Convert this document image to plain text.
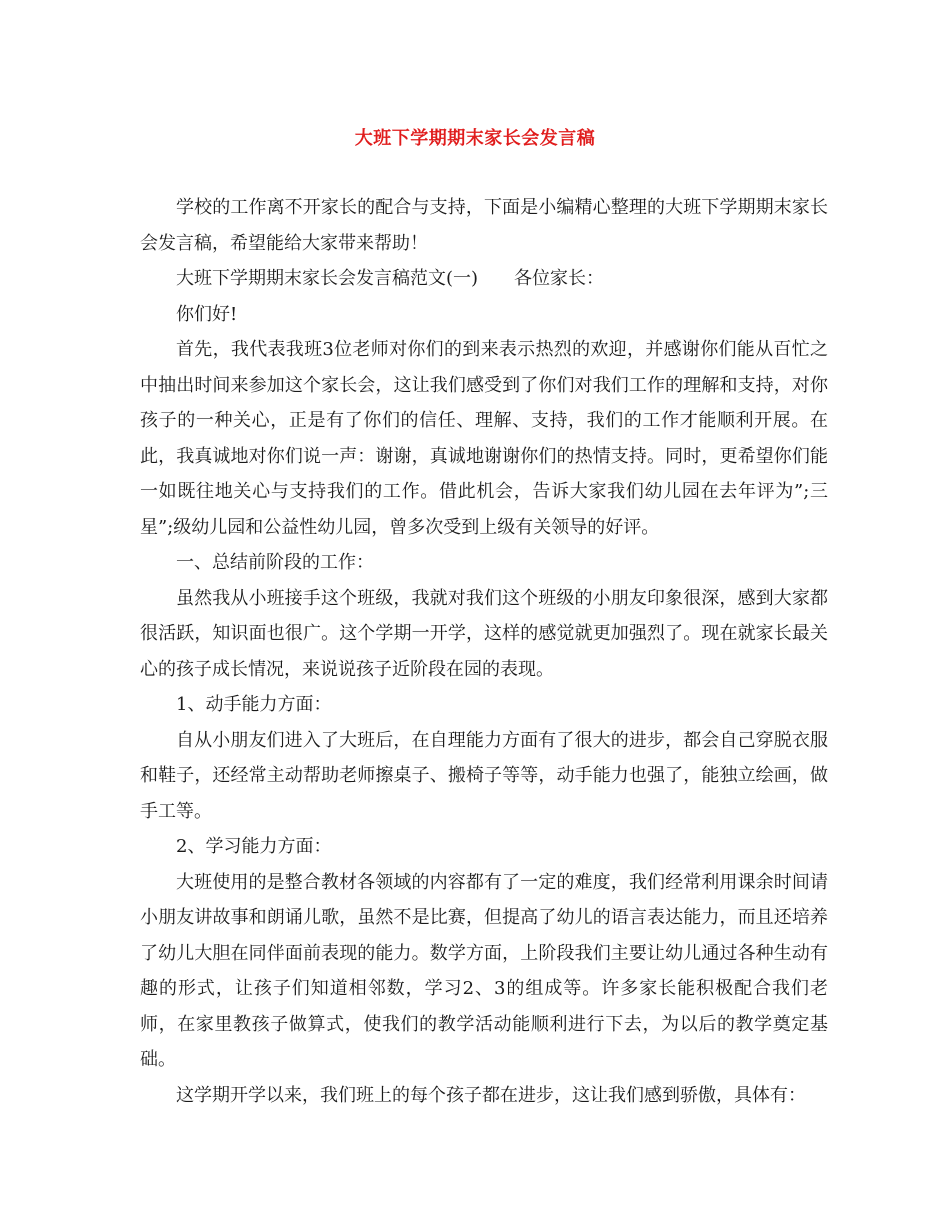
大班下学期期末家长会发言稿

学校的工作离不开家长的配合与支持，下面是小编精心整理的大班下学期期末家长会发言稿，希望能给大家带来帮助！

大班下学期期末家长会发言稿范文(一) 各位家长：

你们好!

首先，我代表我班3位老师对你们的到来表示热烈的欢迎，并感谢你们能从百忙之中抽出时间来参加这个家长会，这让我们感受到了你们对我们工作的理解和支持，对你孩子的一种关心，正是有了你们的信任、理解、支持，我们的工作才能顺利开展。在此，我真诚地对你们说一声：谢谢，真诚地谢谢你们的热情支持。同时，更希望你们能一如既往地关心与支持我们的工作。借此机会，告诉大家我们幼儿园在去年评为”;三星”;级幼儿园和公益性幼儿园，曾多次受到上级有关领导的好评。

一、总结前阶段的工作：

虽然我从小班接手这个班级，我就对我们这个班级的小朋友印象很深，感到大家都很活跃，知识面也很广。这个学期一开学，这样的感觉就更加强烈了。现在就家长最关心的孩子成长情况，来说说孩子近阶段在园的表现。

1、动手能力方面：

自从小朋友们进入了大班后，在自理能力方面有了很大的进步，都会自己穿脱衣服和鞋子，还经常主动帮助老师擦桌子、搬椅子等等，动手能力也强了，能独立绘画，做手工等。

2、学习能力方面：

大班使用的是整合教材各领域的内容都有了一定的难度，我们经常利用课余时间请小朋友讲故事和朗诵儿歌，虽然不是比赛，但提高了幼儿的语言表达能力，而且还培养了幼儿大胆在同伴面前表现的能力。数学方面，上阶段我们主要让幼儿通过各种生动有趣的形式，让孩子们知道相邻数，学习2、3的组成等。许多家长能积极配合我们老师，在家里教孩子做算式，使我们的教学活动能顺利进行下去，为以后的教学奠定基础。

这学期开学以来，我们班上的每个孩子都在进步，这让我们感到骄傲，具体有：
